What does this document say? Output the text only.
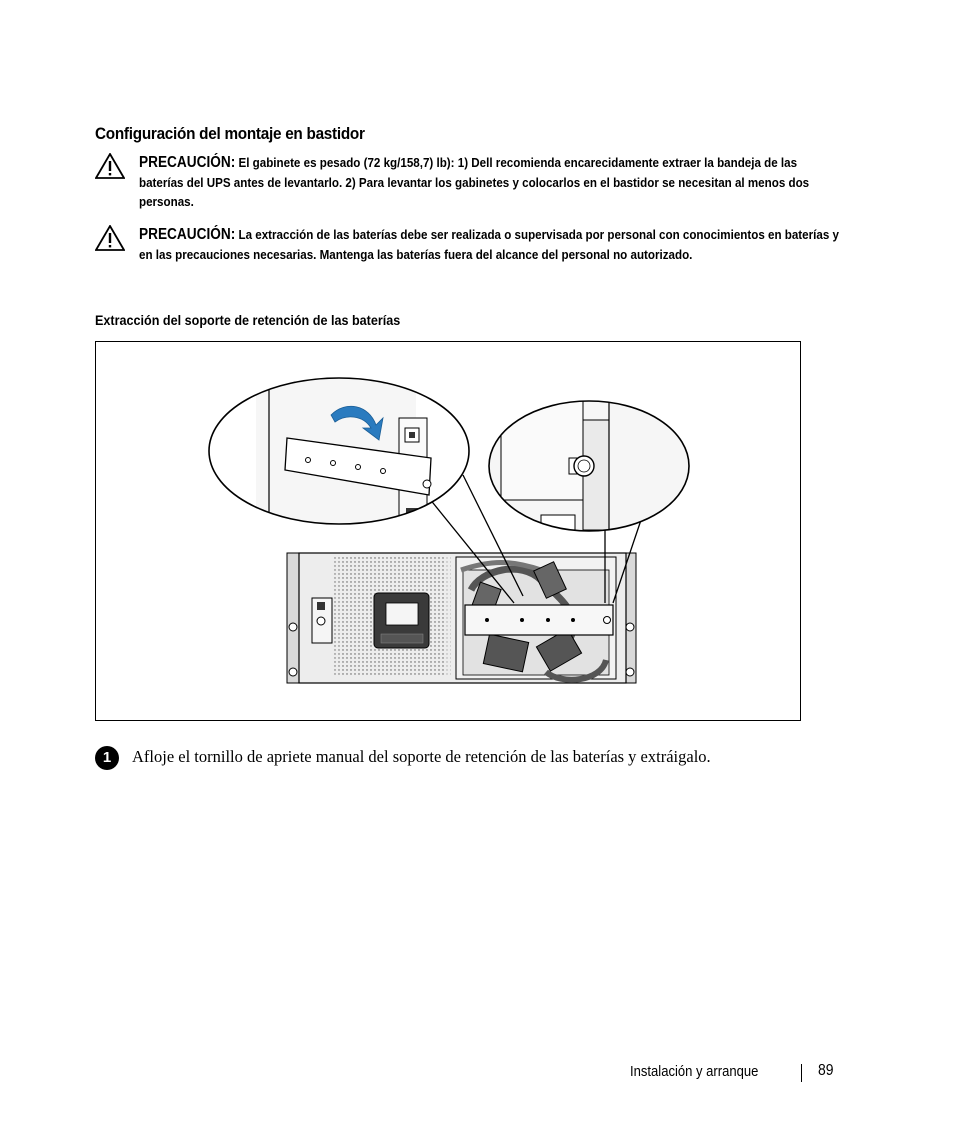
Configuración del montaje en bastidor
PRECAUCIÓN: El gabinete es pesado (72 kg/158,7) lb): 1) Dell recomienda encarecidamente extraer la bandeja de las baterías del UPS antes de levantarlo. 2) Para levantar los gabinetes y colocarlos en el bastidor se necesitan al menos dos personas.
PRECAUCIÓN: La extracción de las baterías debe ser realizada o supervisada por personal con conocimientos en baterías y en las precauciones necesarias. Mantenga las baterías fuera del alcance del personal no autorizado.
Extracción del soporte de retención de las baterías
1	Afloje el tornillo de apriete manual del soporte de retención de las baterías y extráigalo.
Instalación y arranque	89
